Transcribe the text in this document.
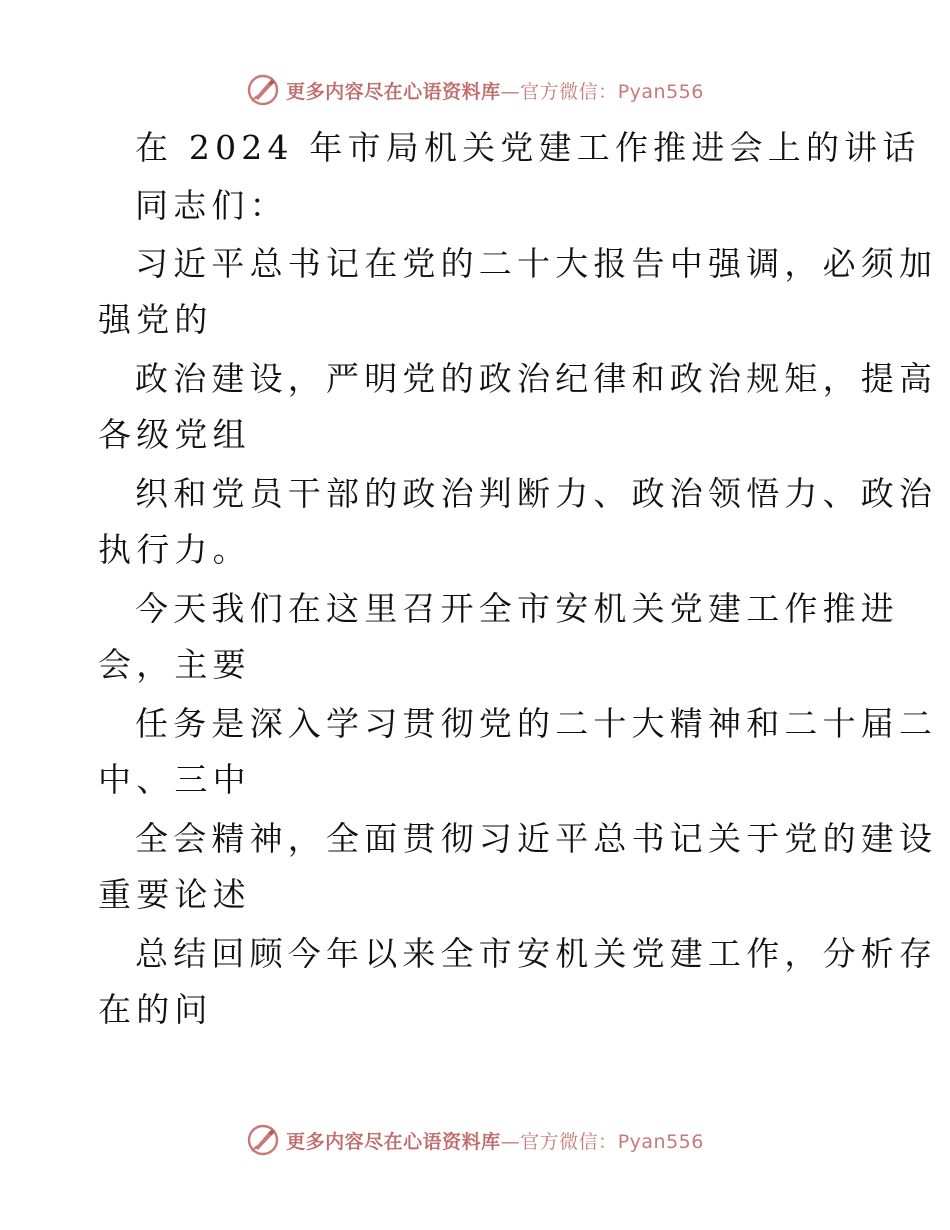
更多内容尽在心语资料库—官方微信：Pyan556
在 2024 年市局机关党建工作推进会上的讲话
同志们：
习近平总书记在党的二十大报告中强调，必须加
强党的
政治建设，严明党的政治纪律和政治规矩，提高
各级党组
织和党员干部的政治判断力、政治领悟力、政治
执行力。
今天我们在这里召开全市安机关党建工作推进
会，主要
任务是深入学习贯彻党的二十大精神和二十届二
中、三中
全会精神，全面贯彻习近平总书记关于党的建设
重要论述
总结回顾今年以来全市安机关党建工作，分析存
在的问
更多内容尽在心语资料库—官方微信：Pyan556
